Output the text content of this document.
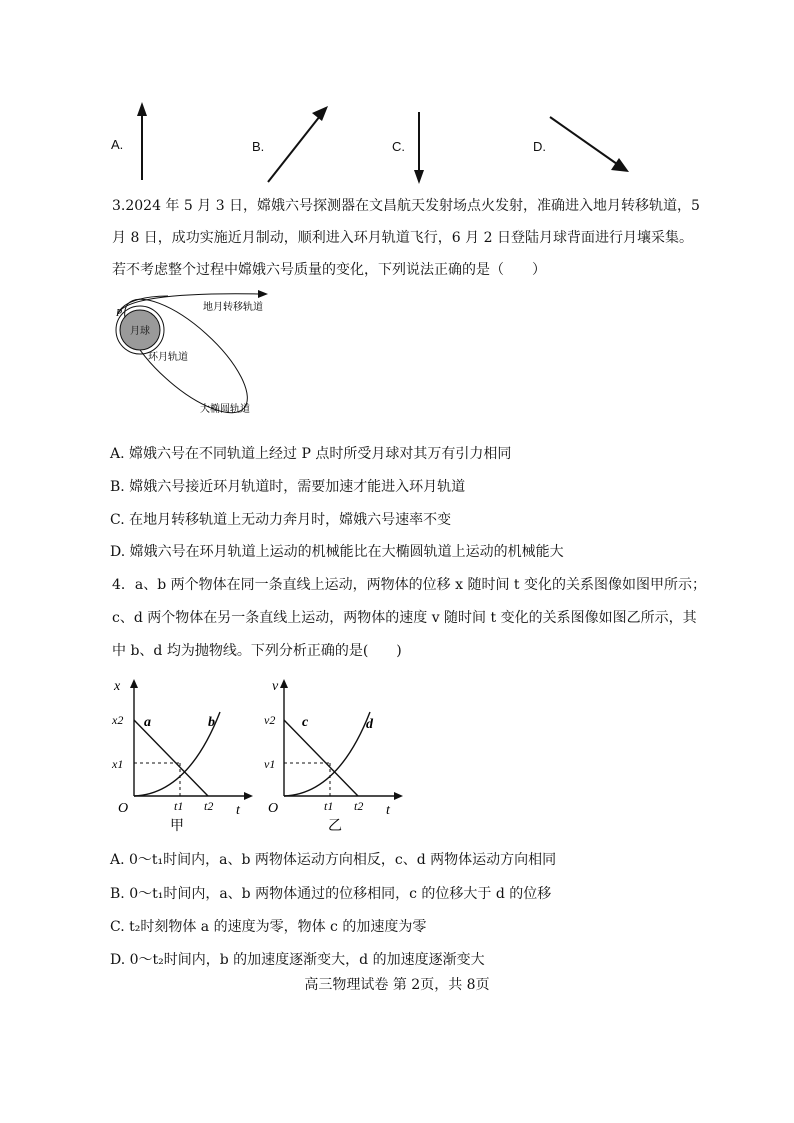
A.	B.	C.	D.
3.2024 年 5 月 3 日，嫦娥六号探测器在文昌航天发射场点火发射，准确进入地月转移轨道，5
月 8 日，成功实施近月制动，顺利进入环月轨道飞行，6 月 2 日登陆月球背面进行月壤采集。
若不考虑整个过程中嫦娥六号质量的变化，下列说法正确的是（　　）
P
月球
地月转移轨道
环月轨道
大椭圆轨道
A. 嫦娥六号在不同轨道上经过 P 点时所受月球对其万有引力相同
B. 嫦娥六号接近环月轨道时，需要加速才能进入环月轨道
C. 在地月转移轨道上无动力奔月时，嫦娥六号速率不变
D. 嫦娥六号在环月轨道上运动的机械能比在大椭圆轨道上运动的机械能大
4．a、b 两个物体在同一条直线上运动，两物体的位移 x 随时间 t 变化的关系图像如图甲所示；
c、d 两个物体在另一条直线上运动，两物体的速度 v 随时间 t 变化的关系图像如图乙所示，其
中 b、d 均为抛物线。下列分析正确的是(　　)
x
t
O
x2
x1
t1 t2
a	b
甲
v
t
O
v2
v1
t1 t2
c	d
乙
A. 0～t₁时间内，a、b 两物体运动方向相反，c、d 两物体运动方向相同
B. 0～t₁时间内，a、b 两物体通过的位移相同，c 的位移大于 d 的位移
C. t₂时刻物体 a 的速度为零，物体 c 的加速度为零
D. 0～t₂时间内，b 的加速度逐渐变大，d 的加速度逐渐变大
高三物理试卷 第 2页，共 8页
